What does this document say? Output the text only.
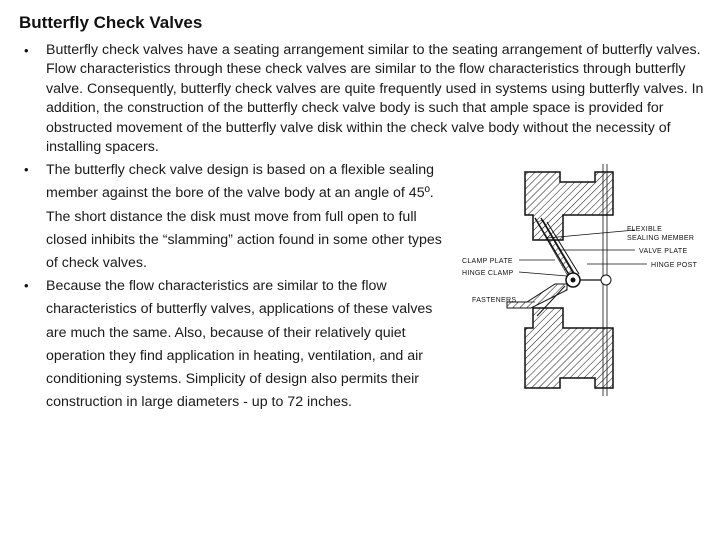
Butterfly Check Valves
• Butterfly check valves have a seating arrangement similar to the seating arrangement of butterfly valves. Flow characteristics through these check valves are similar to the flow characteristics through butterfly valve. Consequently, butterfly check valves are quite frequently used in systems using butterfly valves. In addition, the construction of the butterfly check valve body is such that ample space is provided for obstructed movement of the butterfly valve disk within the check valve body without the necessity of installing spacers.

• The butterfly check valve design is based on a flexible sealing member against the bore of the valve body at an angle of 45º. The short distance the disk must move from full open to full closed inhibits the “slamming” action found in some other types of check valves.

• Because the flow characteristics are similar to the flow characteristics of butterfly valves, applications of these valves are much the same. Also, because of their relatively quiet operation they find application in heating, ventilation, and air conditioning systems. Simplicity of design also permits their construction in large diameters - up to 72 inches.

FLEXIBLE
SEALING MEMBER
VALVE PLATE
CLAMP PLATE
HINGE POST
HINGE CLAMP
FASTENERS
